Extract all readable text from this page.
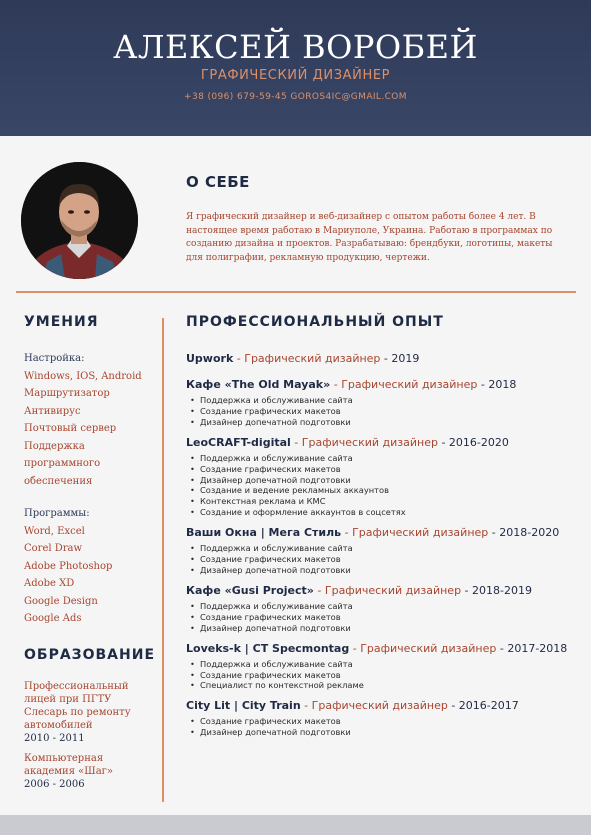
АЛЕКСЕЙ ВОРОБЕЙ
ГРАФИЧЕСКИЙ ДИЗАЙНЕР
+38 (096) 679-59-45 GOROS4IC@GMAIL.COM
О СЕБЕ
Я графический дизайнер и веб-дизайнер с опытом работы более 4 лет. В настоящее время работаю в Мариуполе, Украина. Работаю в программах по созданию дизайна и проектов. Разрабатываю: брендбуки, логотипы, макеты для полиграфии, рекламную продукцию, чертежи.
УМЕНИЯ
Настройка:
Windows, IOS, Android
Маршрутизатор
Антивирус
Почтовый сервер
Поддержка
программного
обеспечения
Программы:
Word, Excel
Corel Draw
Adobe Photoshop
Adobe XD
Google Design
Google Ads
ОБРАЗОВАНИЕ
Профессиональный
лицей при ПГТУ
Слесарь по ремонту
автомобилей
2010 - 2011
Компьютерная
академия «Шаг»
2006 - 2006
ПРОФЕССИОНАЛЬНЫЙ ОПЫТ
Upwork - Графический дизайнер - 2019
Кафе «The Old Mayak» - Графический дизайнер - 2018
• Поддержка и обслуживание сайта
• Создание графических макетов
• Дизайнер допечатной подготовки
LeoCRAFT-digital - Графический дизайнер - 2016-2020
• Поддержка и обслуживание сайта
• Создание графических макетов
• Дизайнер допечатной подготовки
• Создание и ведение рекламных аккаунтов
• Контекстная реклама и КМС
• Создание и оформление аккаунтов в соцсетях
Ваши Окна | Мега Стиль - Графический дизайнер - 2018-2020
• Поддержка и обслуживание сайта
• Создание графических макетов
• Дизайнер допечатной подготовки
Кафе «Gusi Project» - Графический дизайнер - 2018-2019
• Поддержка и обслуживание сайта
• Создание графических макетов
• Дизайнер допечатной подготовки
Loveks-k | CT Specmontag - Графический дизайнер - 2017-2018
• Поддержка и обслуживание сайта
• Создание графических макетов
• Специалист по контекстной рекламе
City Lit | City Train - Графический дизайнер - 2016-2017
• Создание графических макетов
• Дизайнер допечатной подготовки
